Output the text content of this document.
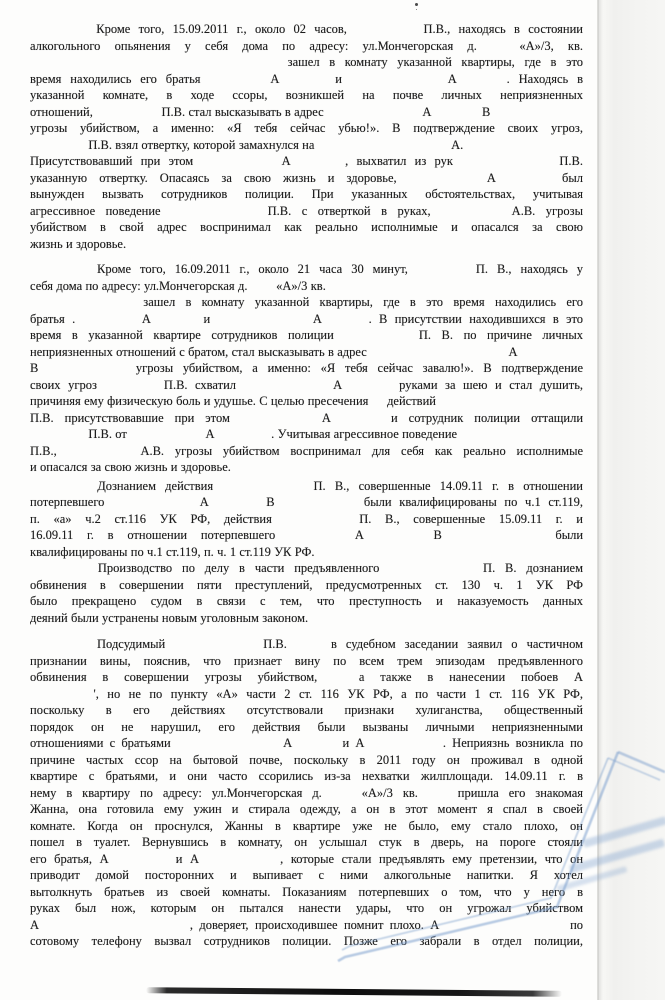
Кроме того, 15.09.2011 г., около 02 часов,	П.В., находясь в состоянии
алкогольного опьянения у себя дома по адресу: ул.Мончегорская д.	«А»/3, кв.
зашел в комнату указанной квартиры, где в это
время находились его братья	А	и	А	. Находясь в
указанной комнате, в ходе ссоры, возникшей на почве личных неприязненных
отношений,	П.В. стал высказывать в адрес	А	В
угрозы убийством, а именно: «Я тебя сейчас убью!». В подтверждение своих угроз,
П.В. взял отвертку, которой замахнулся на	А.
Присутствовавший при этом	А	, выхватил из рук	П.В.
указанную отвертку. Опасаясь за свою жизнь и здоровье,	А	был
вынужден вызвать сотрудников полиции. При указанных обстоятельствах, учитывая
агрессивное поведение	П.В. с отверткой в руках,	А.В. угрозы
убийством в свой адрес воспринимал как реально исполнимые и опасался за свою
жизнь и здоровье.
Кроме того, 16.09.2011 г., около 21 часа 30 минут,	П. В., находясь у
себя дома по адресу: ул.Мончегорская д. «А»/3 кв.
зашел в комнату указанной квартиры, где в это время находились его
братья .	А	и	А	. В присутствии находившихся в это
время в указанной квартире сотрудников полиции	П. В. по причине личных
неприязненных отношений с братом, стал высказывать в адрес	А
В	угрозы убийством, а именно: «Я тебя сейчас завалю!». В подтверждение
своих угроз	П.В. схватил	А	руками за шею и стал душить,
причиняя ему физическую боль и удушье. С целью пресечения действий
П.В. присутствовавшие при этом	А	и сотрудник полиции оттащили
П.В. от	А	. Учитывая агрессивное поведение
П.В.,	А.В. угрозы убийством воспринимал для себя как реально исполнимые
и опасался за свою жизнь и здоровье.
Дознанием действия	П. В., совершенные 14.09.11 г. в отношении
потерпевшего	А	В	были квалифицированы по ч.1 ст.119,
п. «а» ч.2 ст.116 УК РФ, действия	П. В., совершенные 15.09.11 г. и
16.09.11 г. в отношении потерпевшего	А	В	были
квалифицированы по ч.1 ст.119, п. ч. 1 ст.119 УК РФ.
Производство по делу в части предъявленного	П. В. дознанием
обвинения в совершении пяти преступлений, предусмотренных ст. 130 ч. 1 УК РФ
было прекращено судом в связи с тем, что преступность и наказуемость данных
деяний были устранены новым уголовным законом.
Подсудимый	П.В.	в судебном заседании заявил о частичном
признании вины, пояснив, что признает вину по всем трем эпизодам предъявленного
обвинения в совершении угрозы убийством,	а также в нанесении побоев А
', но не по пункту «А» части 2 ст. 116 УК РФ, а по части 1 ст. 116 УК РФ,
поскольку в его действиях отсутствовали признаки хулиганства, общественный
порядок он не нарушил, его действия были вызваны личными неприязненными
отношениями с братьями	А	и А	. Неприязнь возникла по
причине частых ссор на бытовой почве, поскольку в 2011 году он проживал в одной
квартире с братьями, и они часто ссорились из-за нехватки жилплощади. 14.09.11 г. в
нему в квартиру по адресу: ул.Мончегорская д.	«А»/3 кв.	пришла его знакомая
Жанна, она готовила ему ужин и стирала одежду, а он в этот момент я спал в своей
комнате. Когда он проснулся, Жанны в квартире уже не было, ему стало плохо, он
пошел в туалет. Вернувшись в комнату, он услышал стук в дверь, на пороге стояли
его братья, А	и А	, которые стали предъявлять ему претензии, что он
приводит домой посторонних и выпивает с ними алкогольные напитки. Я хотел
вытолкнуть братьев из своей комнаты. Показаниям потерпевших о том, что у него в
руках был нож, которым он пытался нанести удары, что он угрожал убийством
А	, доверяет, происходившее помнит плохо. А	по
сотовому телефону вызвал сотрудников полиции. Позже его забрали в отдел полиции,
